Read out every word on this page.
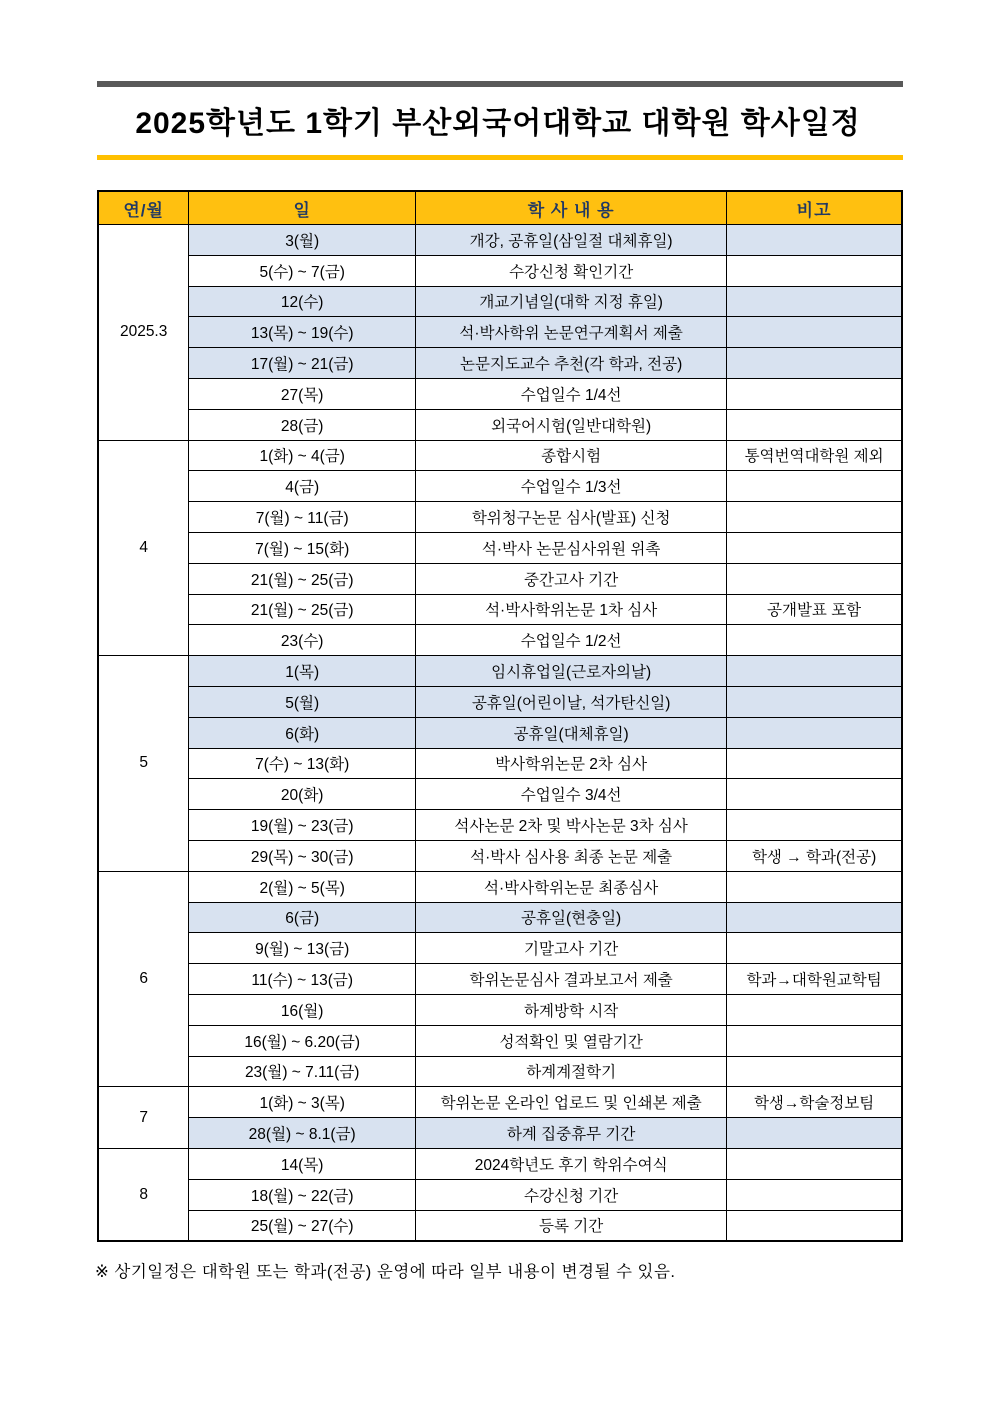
2025학년도 1학기 부산외국어대학교 대학원 학사일정
연/월	일	학 사 내 용	비고
2025.3	3(월)	개강, 공휴일(삼일절 대체휴일)	
	5(수) ~ 7(금)	수강신청 확인기간	
	12(수)	개교기념일(대학 지정 휴일)	
	13(목) ~ 19(수)	석·박사학위 논문연구계획서 제출	
	17(월) ~ 21(금)	논문지도교수 추천(각 학과, 전공)	
	27(목)	수업일수 1/4선	
	28(금)	외국어시험(일반대학원)	
4	1(화) ~ 4(금)	종합시험	통역번역대학원 제외
	4(금)	수업일수 1/3선	
	7(월) ~ 11(금)	학위청구논문 심사(발표) 신청	
	7(월) ~ 15(화)	석·박사 논문심사위원 위촉	
	21(월) ~ 25(금)	중간고사 기간	
	21(월) ~ 25(금)	석·박사학위논문 1차 심사	공개발표 포함
	23(수)	수업일수 1/2선	
5	1(목)	임시휴업일(근로자의날)	
	5(월)	공휴일(어린이날, 석가탄신일)	
	6(화)	공휴일(대체휴일)	
	7(수) ~ 13(화)	박사학위논문 2차 심사	
	20(화)	수업일수 3/4선	
	19(월) ~ 23(금)	석사논문 2차 및 박사논문 3차 심사	
	29(목) ~ 30(금)	석·박사 심사용 최종 논문 제출	학생 → 학과(전공)
6	2(월) ~ 5(목)	석·박사학위논문 최종심사	
	6(금)	공휴일(현충일)	
	9(월) ~ 13(금)	기말고사 기간	
	11(수) ~ 13(금)	학위논문심사 결과보고서 제출	학과→대학원교학팀
	16(월)	하계방학 시작	
	16(월) ~ 6.20(금)	성적확인 및 열람기간	
	23(월) ~ 7.11(금)	하계계절학기	
7	1(화) ~ 3(목)	학위논문 온라인 업로드 및 인쇄본 제출	학생→학술정보팀
	28(월) ~ 8.1(금)	하계 집중휴무 기간	
8	14(목)	2024학년도 후기 학위수여식	
	18(월) ~ 22(금)	수강신청 기간	
	25(월) ~ 27(수)	등록 기간	
※ 상기일정은 대학원 또는 학과(전공) 운영에 따라 일부 내용이 변경될 수 있음.
